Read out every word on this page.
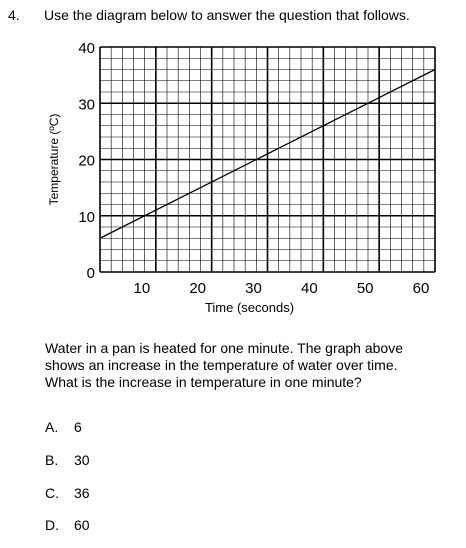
4. Use the diagram below to answer the question that follows.
0
10
20
30
40
10	20	30	40	50	60
Time (seconds)
Temperature (ºC)
Water in a pan is heated for one minute. The graph above
shows an increase in the temperature of water over time.
What is the increase in temperature in one minute?
A. 6
B. 30
C. 36
D. 60
